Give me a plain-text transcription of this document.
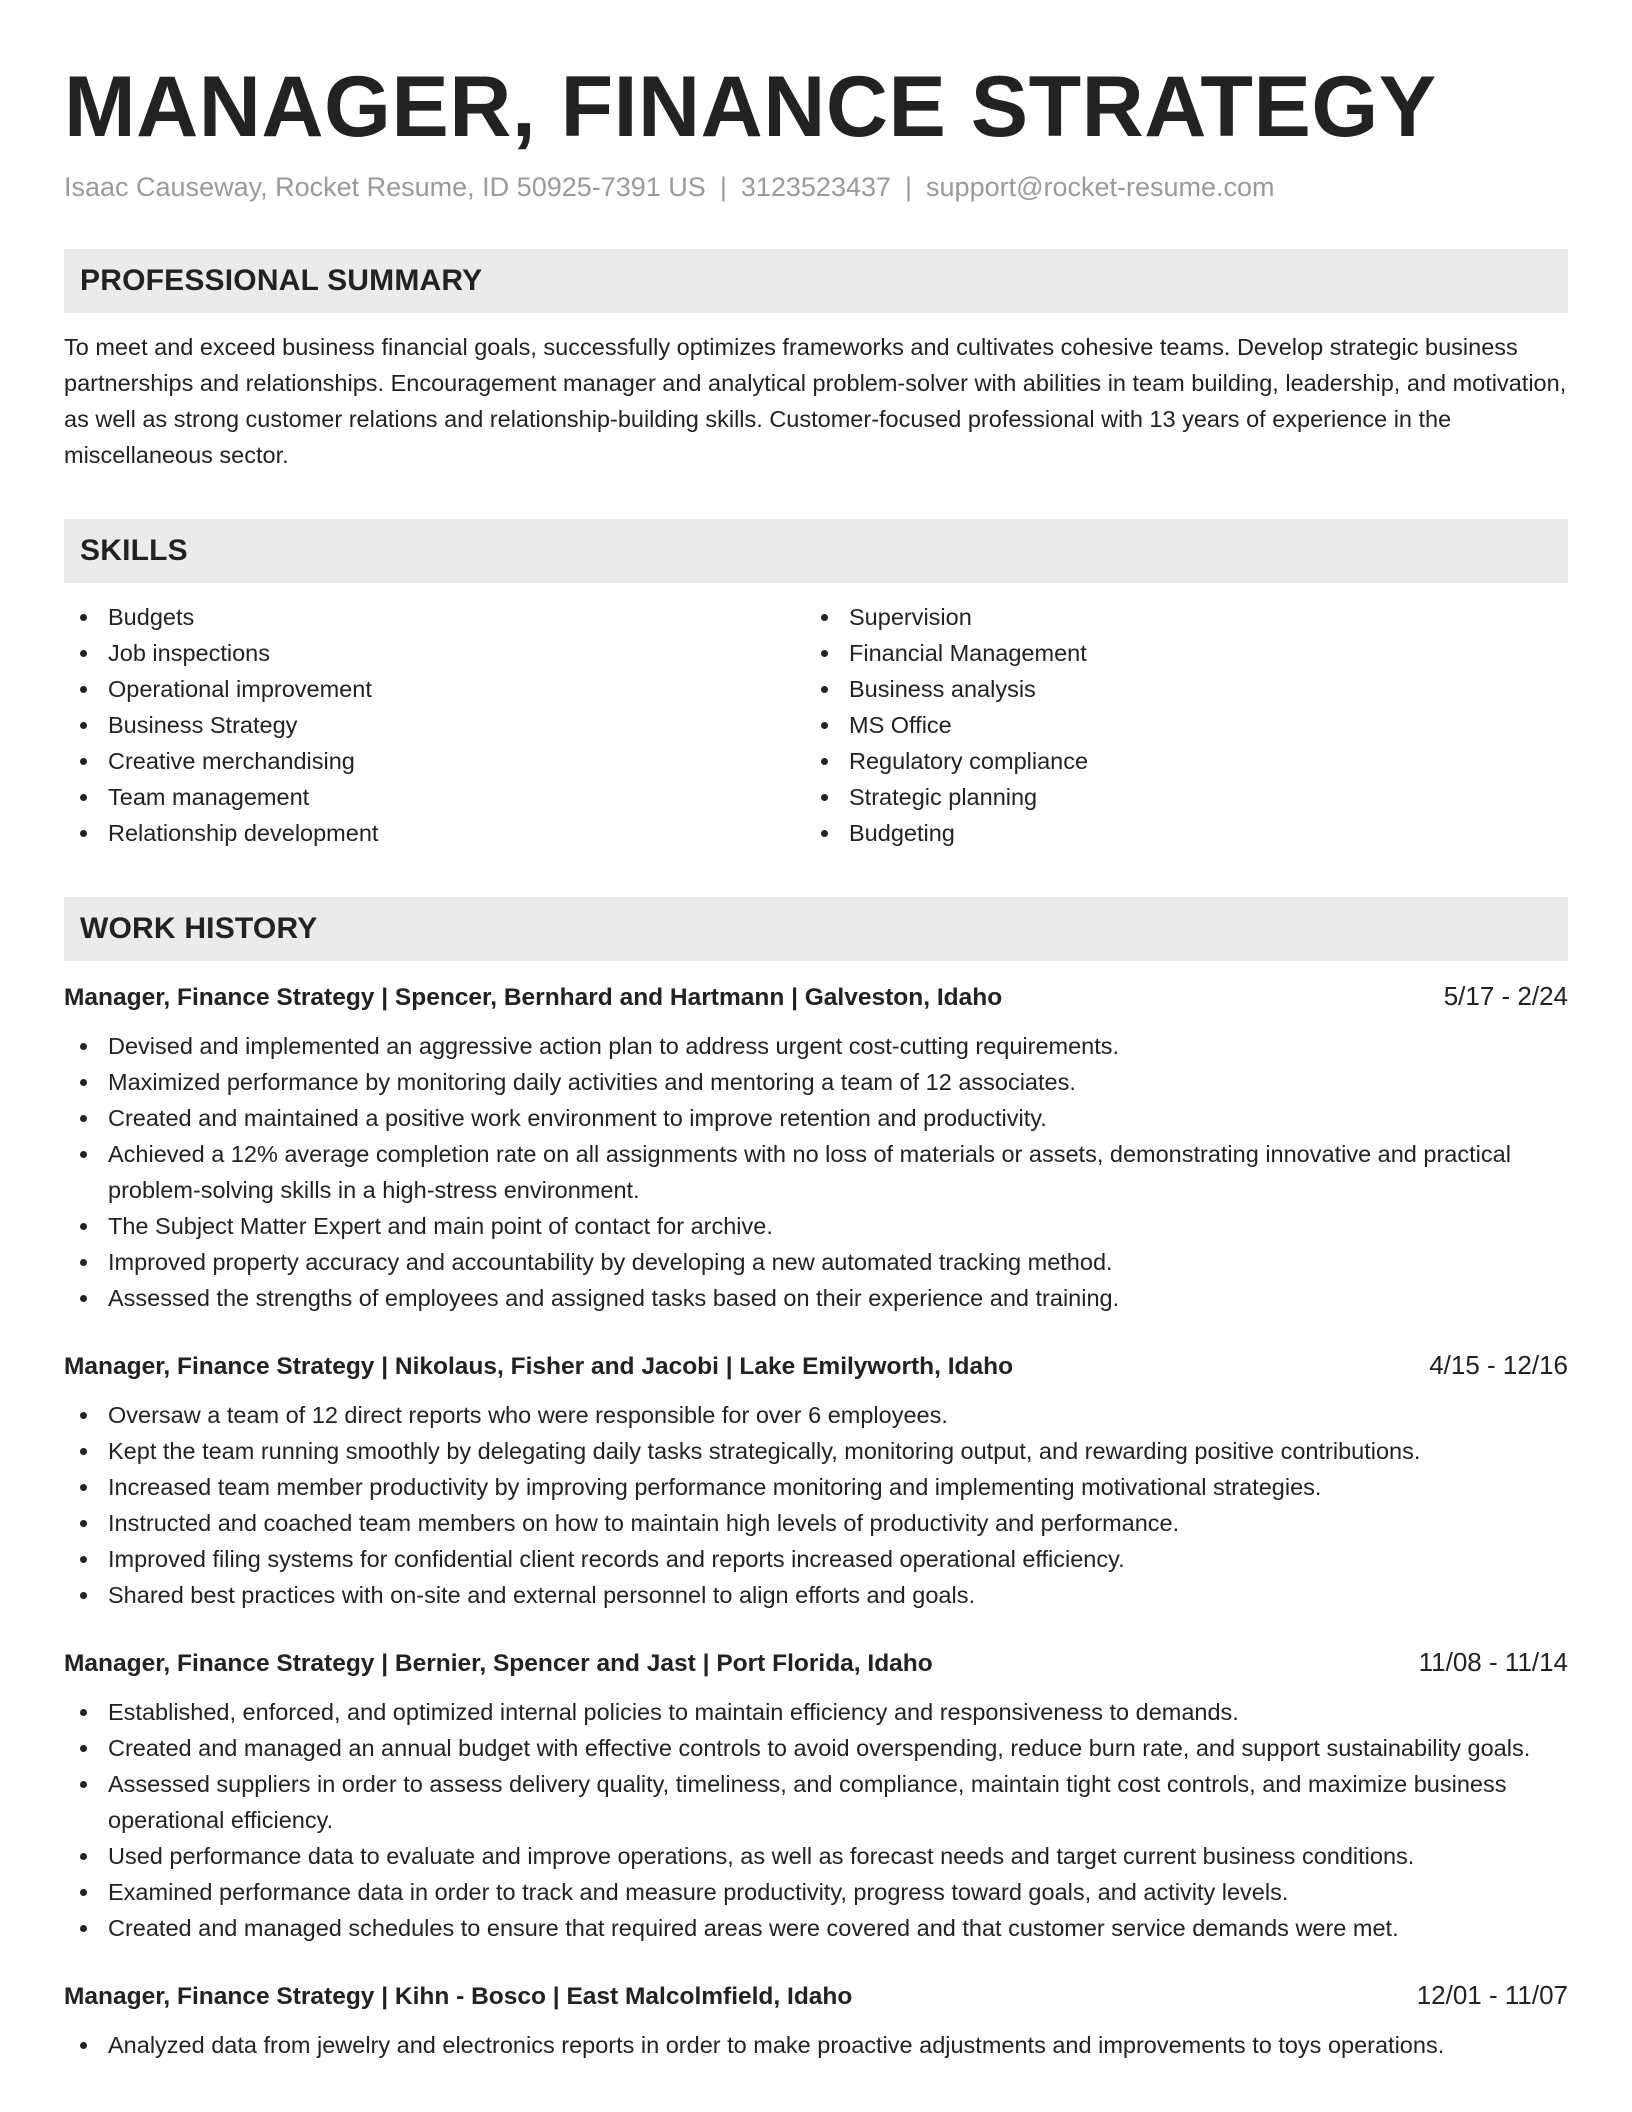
MANAGER, FINANCE STRATEGY
Isaac Causeway, Rocket Resume, ID 50925-7391 US | 3123523437 | support@rocket-resume.com
PROFESSIONAL SUMMARY
To meet and exceed business financial goals, successfully optimizes frameworks and cultivates cohesive teams. Develop strategic business partnerships and relationships. Encouragement manager and analytical problem-solver with abilities in team building, leadership, and motivation, as well as strong customer relations and relationship-building skills. Customer-focused professional with 13 years of experience in the miscellaneous sector.
SKILLS
Budgets
Job inspections
Operational improvement
Business Strategy
Creative merchandising
Team management
Relationship development
Supervision
Financial Management
Business analysis
MS Office
Regulatory compliance
Strategic planning
Budgeting
WORK HISTORY
Manager, Finance Strategy | Spencer, Bernhard and Hartmann | Galveston, Idaho	5/17 - 2/24
Devised and implemented an aggressive action plan to address urgent cost-cutting requirements.
Maximized performance by monitoring daily activities and mentoring a team of 12 associates.
Created and maintained a positive work environment to improve retention and productivity.
Achieved a 12% average completion rate on all assignments with no loss of materials or assets, demonstrating innovative and practical problem-solving skills in a high-stress environment.
The Subject Matter Expert and main point of contact for archive.
Improved property accuracy and accountability by developing a new automated tracking method.
Assessed the strengths of employees and assigned tasks based on their experience and training.
Manager, Finance Strategy | Nikolaus, Fisher and Jacobi | Lake Emilyworth, Idaho	4/15 - 12/16
Oversaw a team of 12 direct reports who were responsible for over 6 employees.
Kept the team running smoothly by delegating daily tasks strategically, monitoring output, and rewarding positive contributions.
Increased team member productivity by improving performance monitoring and implementing motivational strategies.
Instructed and coached team members on how to maintain high levels of productivity and performance.
Improved filing systems for confidential client records and reports increased operational efficiency.
Shared best practices with on-site and external personnel to align efforts and goals.
Manager, Finance Strategy | Bernier, Spencer and Jast | Port Florida, Idaho	11/08 - 11/14
Established, enforced, and optimized internal policies to maintain efficiency and responsiveness to demands.
Created and managed an annual budget with effective controls to avoid overspending, reduce burn rate, and support sustainability goals.
Assessed suppliers in order to assess delivery quality, timeliness, and compliance, maintain tight cost controls, and maximize business operational efficiency.
Used performance data to evaluate and improve operations, as well as forecast needs and target current business conditions.
Examined performance data in order to track and measure productivity, progress toward goals, and activity levels.
Created and managed schedules to ensure that required areas were covered and that customer service demands were met.
Manager, Finance Strategy | Kihn - Bosco | East Malcolmfield, Idaho	12/01 - 11/07
Analyzed data from jewelry and electronics reports in order to make proactive adjustments and improvements to toys operations.
